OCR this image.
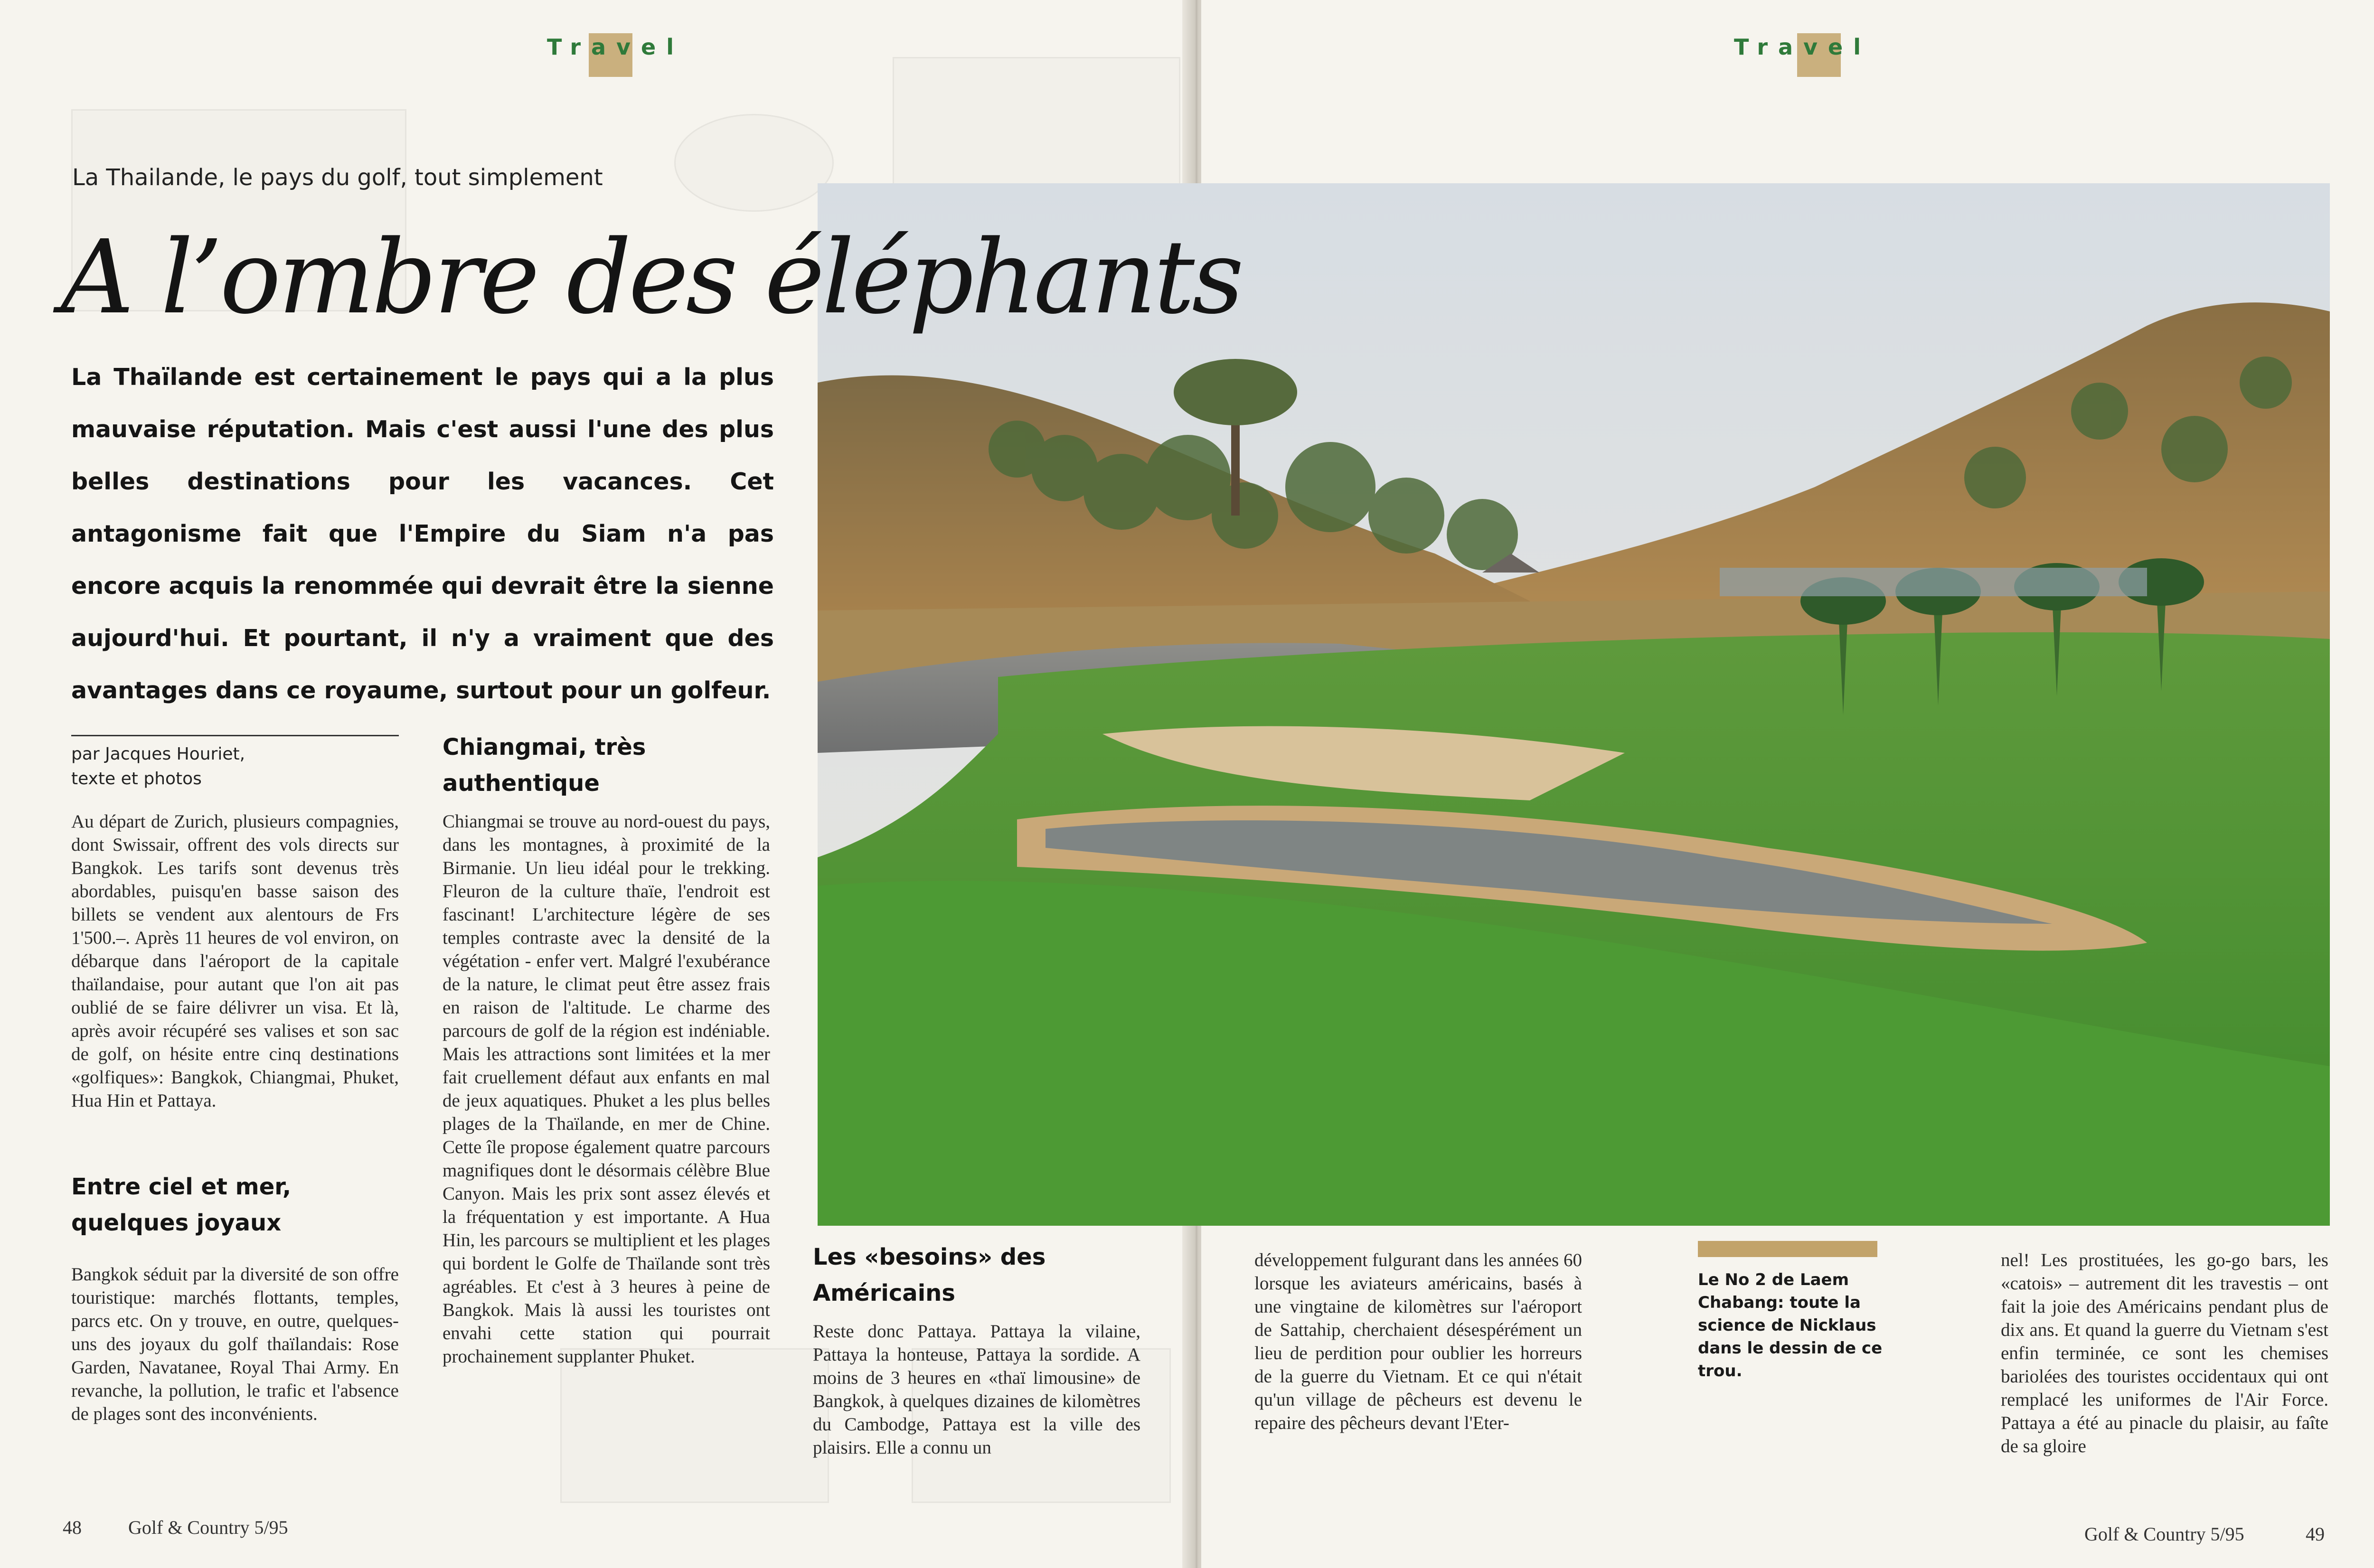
Travel
La Thailande, le pays du golf, tout simplement
A l’ombre des éléphants
La Thaïlande est certainement le pays qui a la plus mauvaise réputation. Mais c'est aussi l'une des plus belles destinations pour les vacances. Cet antagonisme fait que l'Empire du Siam n'a pas encore acquis la renommée qui devrait être la sienne aujourd'hui. Et pourtant, il n'y a vraiment que des avantages dans ce royaume, surtout pour un golfeur.
par Jacques Houriet,
texte et photos
Au départ de Zurich, plusieurs compagnies, dont Swissair, offrent des vols directs sur Bangkok. Les tarifs sont devenus très abordables, puisqu'en basse saison des billets se vendent aux alentours de Frs 1'500.–. Après 11 heures de vol environ, on débarque dans l'aéroport de la capitale thaïlandaise, pour autant que l'on ait pas oublié de se faire délivrer un visa. Et là, après avoir récupéré ses valises et son sac de golf, on hésite entre cinq destinations «golfiques»: Bangkok, Chiangmai, Phuket, Hua Hin et Pattaya.
Entre ciel et mer, quelques joyaux
Bangkok séduit par la diversité de son offre touristique: marchés flottants, temples, parcs etc. On y trouve, en outre, quelques-uns des joyaux du golf thaïlandais: Rose Garden, Navatanee, Royal Thai Army. En revanche, la pollution, le trafic et l'absence de plages sont des inconvénients.
Chiangmai, très authentique
Chiangmai se trouve au nord-ouest du pays, dans les montagnes, à proximité de la Birmanie. Un lieu idéal pour le trekking. Fleuron de la culture thaïe, l'endroit est fascinant! L'architecture légère de ses temples contraste avec la densité de la végétation - enfer vert. Malgré l'exubérance de la nature, le climat peut être assez frais en raison de l'altitude. Le charme des parcours de golf de la région est indéniable. Mais les attractions sont limitées et la mer fait cruellement défaut aux enfants en mal de jeux aquatiques. Phuket a les plus belles plages de la Thaïlande, en mer de Chine. Cette île propose également quatre parcours magnifiques dont le désormais célèbre Blue Canyon. Mais les prix sont assez élevés et la fréquentation y est importante. A Hua Hin, les parcours se multiplient et les plages qui bordent le Golfe de Thaïlande sont très agréables. Et c'est à 3 heures à peine de Bangkok. Mais là aussi les touristes ont envahi cette station qui pourrait prochainement supplanter Phuket.
Les «besoins» des Américains
Reste donc Pattaya. Pattaya la vilaine, Pattaya la honteuse, Pattaya la sordide. A moins de 3 heures en «thaï limousine» de Bangkok, à quelques dizaines de kilomètres du Cambodge, Pattaya est la ville des plaisirs. Elle a connu un
48 Golf & Country 5/95
Travel
développement fulgurant dans les années 60 lorsque les aviateurs américains, basés à une vingtaine de kilomètres sur l'aéroport de Sattahip, cherchaient désespérément un lieu de perdition pour oublier les horreurs de la guerre du Vietnam. Et ce qui n'était qu'un village de pêcheurs est devenu le repaire des pêcheurs devant l'Eter-
nel! Les prostituées, les go-go bars, les «catois» – autrement dit les travestis – ont fait la joie des Américains pendant plus de dix ans. Et quand la guerre du Vietnam s'est enfin terminée, ce sont les chemises bariolées des touristes occidentaux qui ont remplacé les uniformes de l'Air Force. Pattaya a été au pinacle du plaisir, au faîte de sa gloire
Golf & Country 5/95	49
Le No 2 de Laem Chabang: toute la science de Nicklaus dans le dessin de ce trou.
